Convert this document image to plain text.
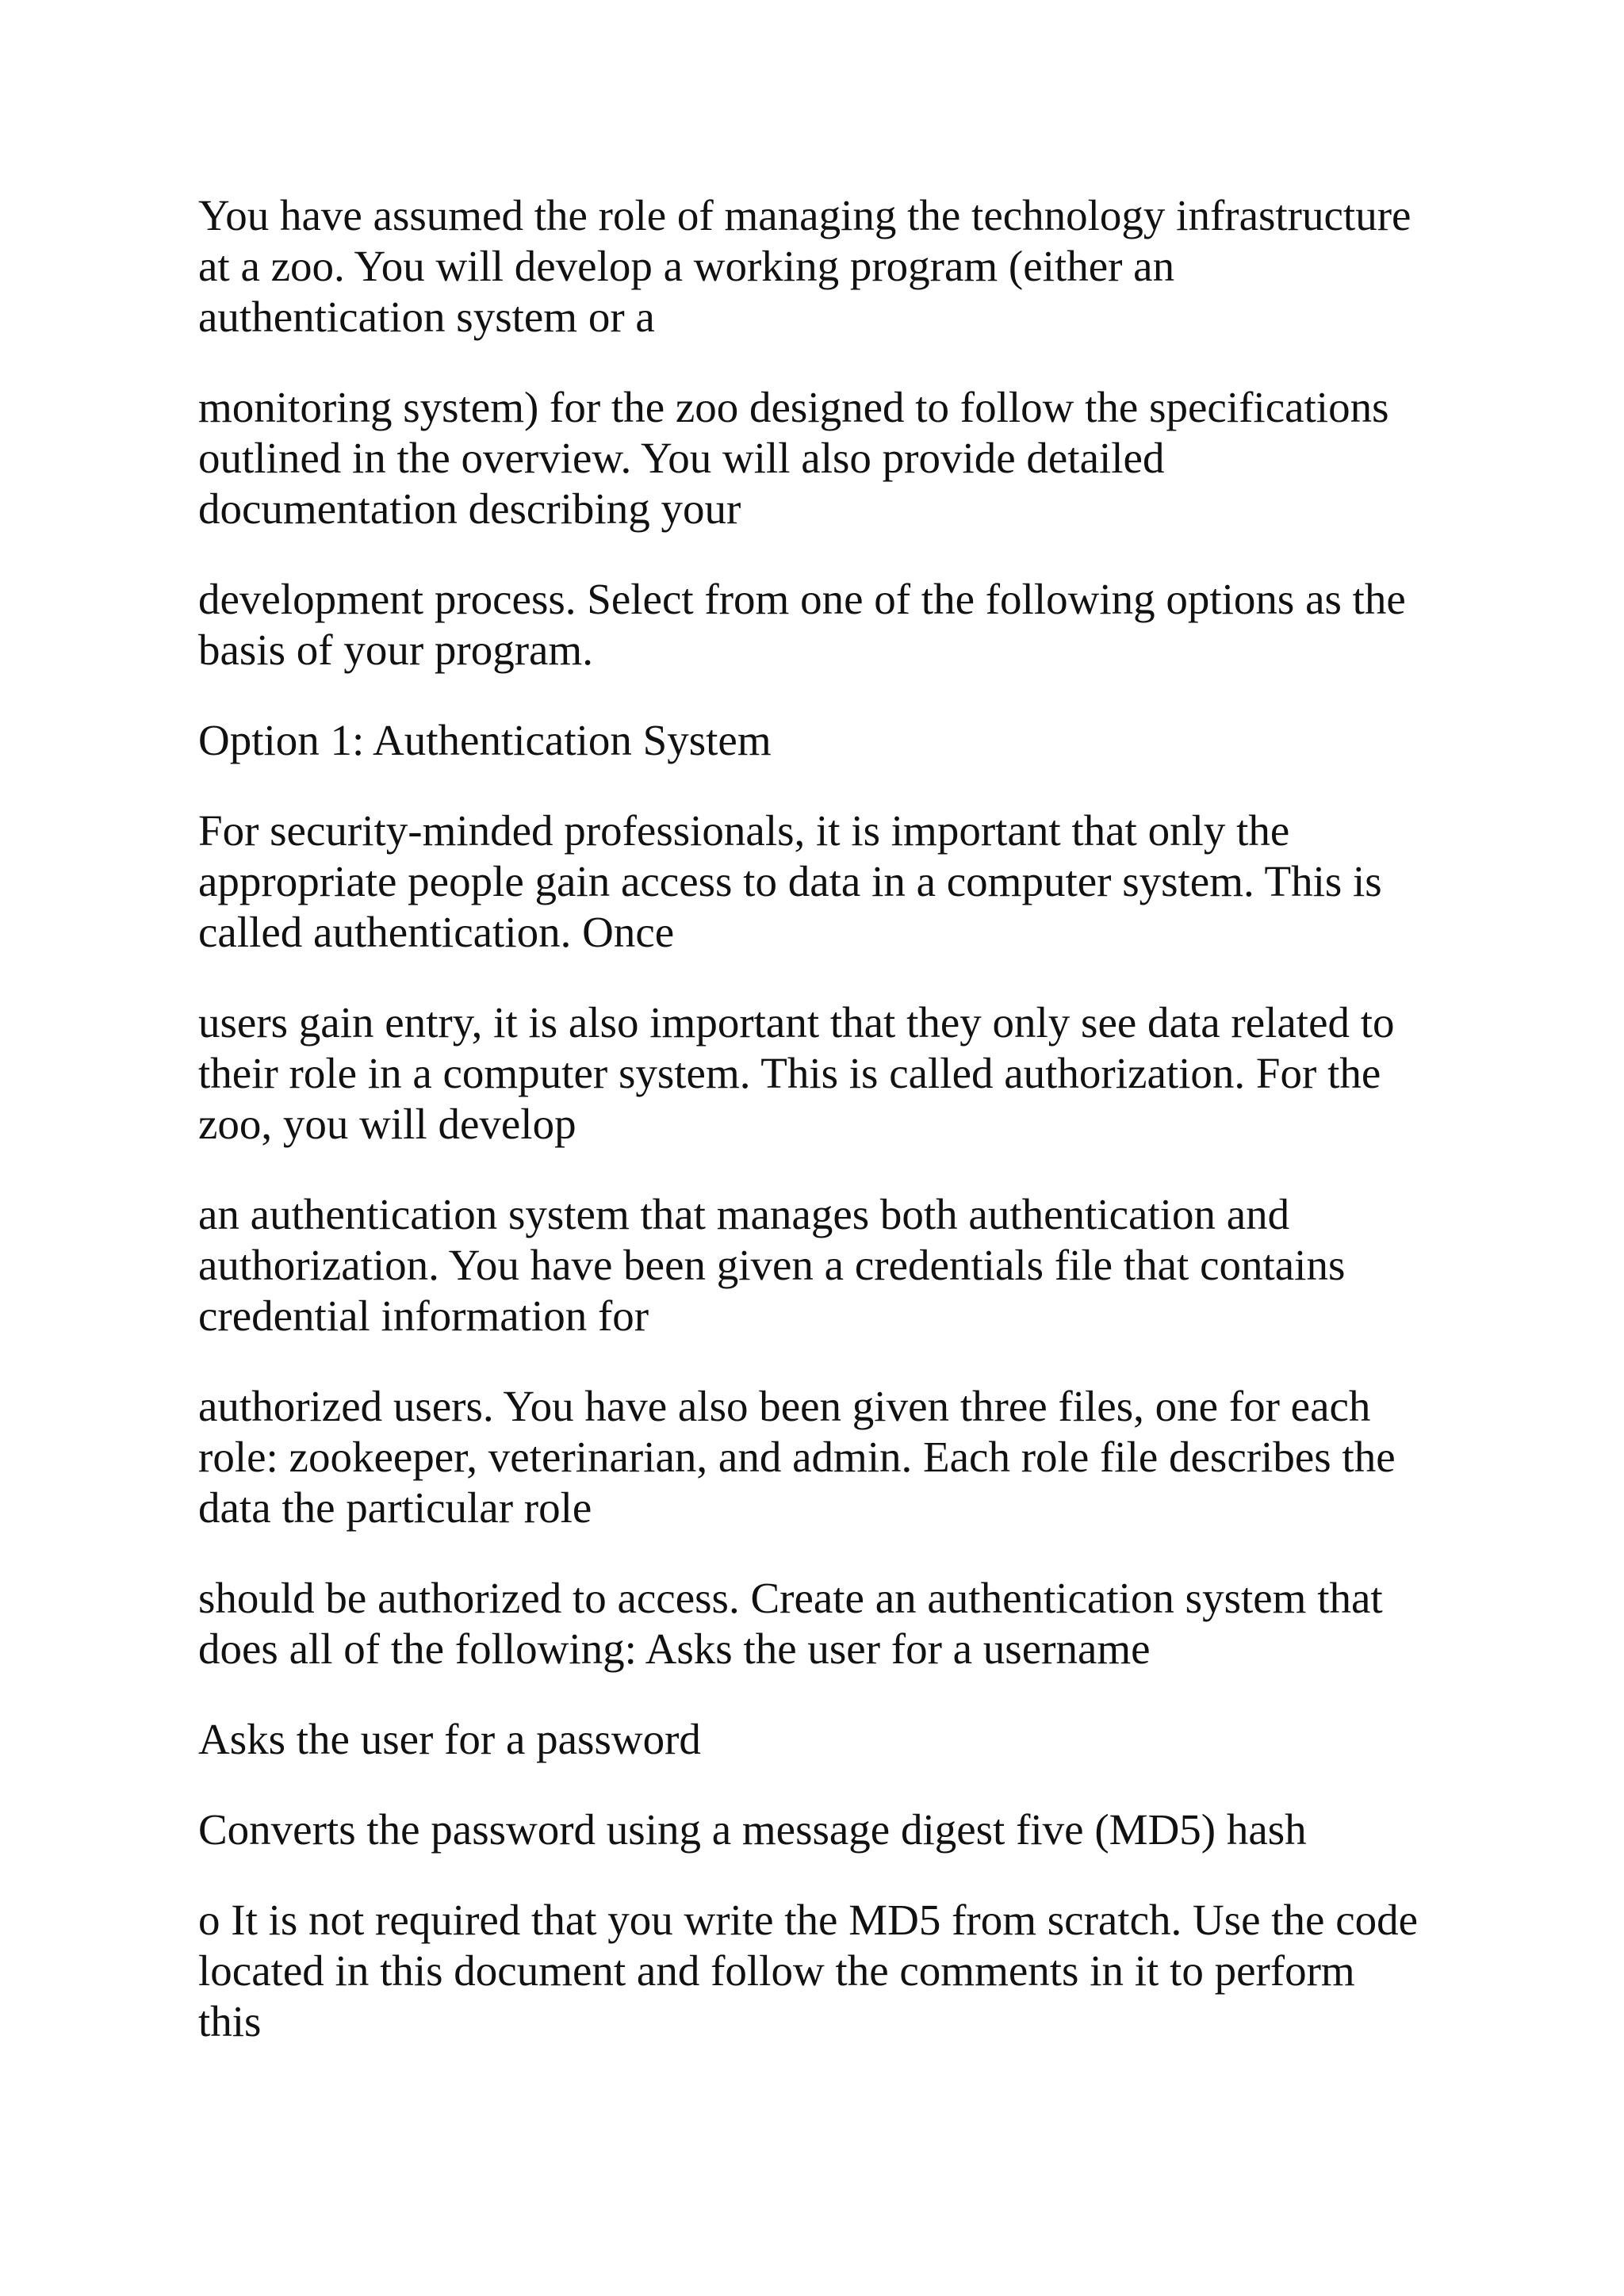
You have assumed the role of managing the technology infrastructure
at a zoo. You will develop a working program (either an
authentication system or a

monitoring system) for the zoo designed to follow the specifications
outlined in the overview. You will also provide detailed
documentation describing your

development process. Select from one of the following options as the
basis of your program.

Option 1: Authentication System

For security-minded professionals, it is important that only the
appropriate people gain access to data in a computer system. This is
called authentication. Once

users gain entry, it is also important that they only see data related to
their role in a computer system. This is called authorization. For the
zoo, you will develop

an authentication system that manages both authentication and
authorization. You have been given a credentials file that contains
credential information for

authorized users. You have also been given three files, one for each
role: zookeeper, veterinarian, and admin. Each role file describes the
data the particular role

should be authorized to access. Create an authentication system that
does all of the following: Asks the user for a username

Asks the user for a password

Converts the password using a message digest five (MD5) hash

o It is not required that you write the MD5 from scratch. Use the code
located in this document and follow the comments in it to perform
this
